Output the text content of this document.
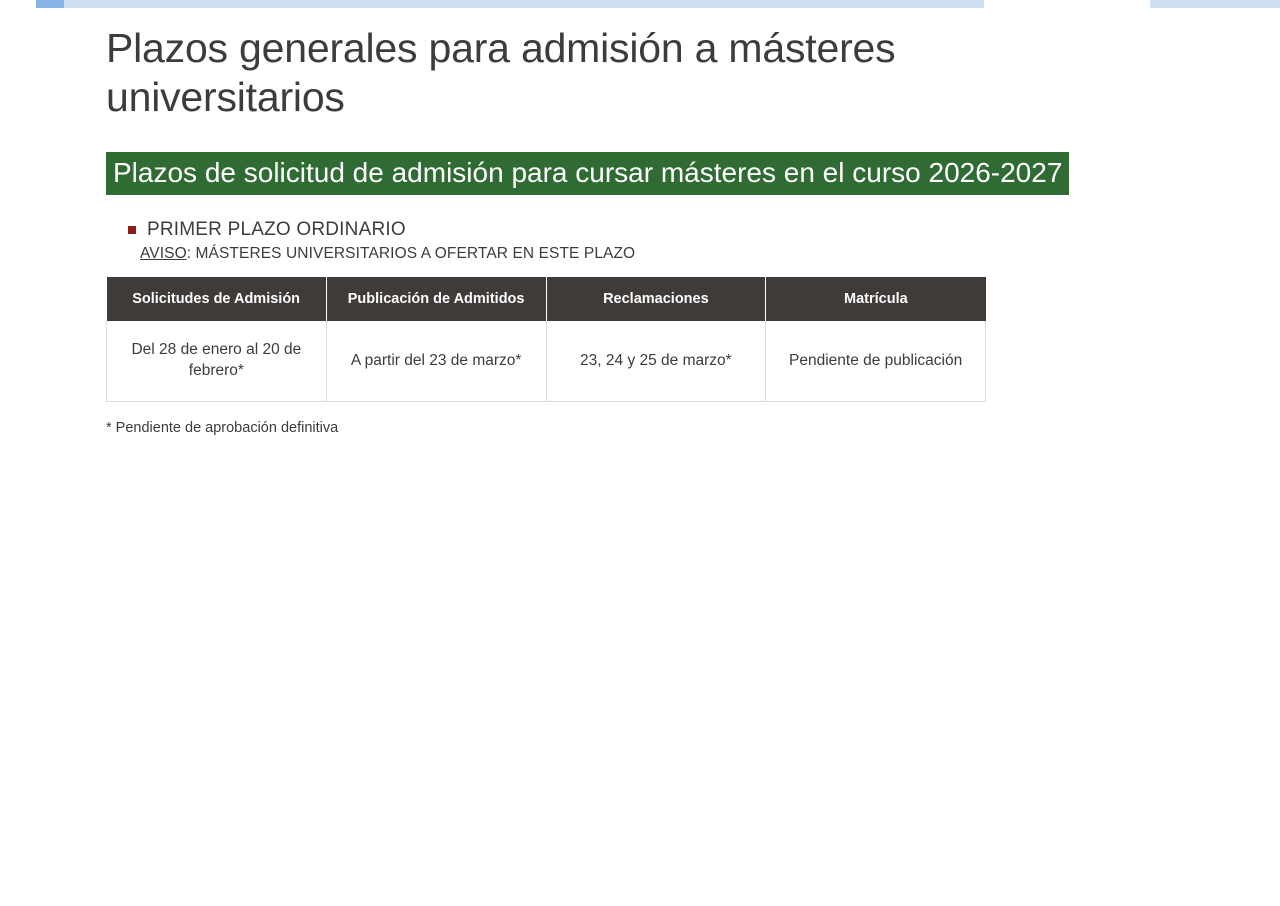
Plazos generales para admisión a másteres universitarios
Plazos de solicitud de admisión para cursar másteres en el curso 2026-2027
PRIMER PLAZO ORDINARIO
AVISO: MÁSTERES UNIVERSITARIOS A OFERTAR EN ESTE PLAZO
Solicitudes de Admisión	Publicación de Admitidos	Reclamaciones	Matrícula
Del 28 de enero al 20 de febrero*	A partir del 23 de marzo*	23, 24 y 25 de marzo*	Pendiente de publicación

* Pendiente de aprobación definitiva
